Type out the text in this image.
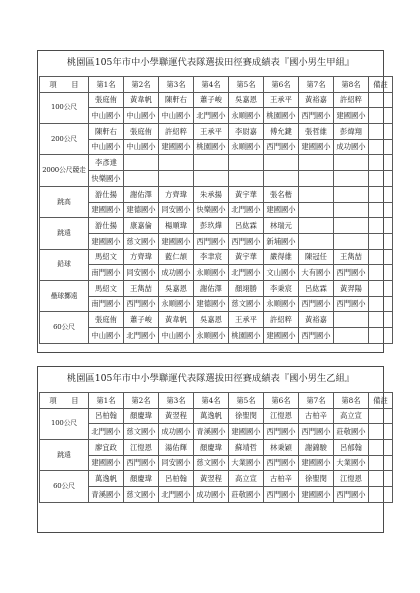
桃園區105年市中小學聯運代表隊選拔田徑賽成績表『國小男生甲組』
項　　目	第1名	第2名	第3名	第4名	第5名	第6名	第7名	第8名	備註
100公尺	張庭侑	黃韋帆	陳軒右	蕭子峻	吳嘉恩	王承平	黃裕嘉	許紹粹	
	中山國小	中山國小	中山國小	北門國小	永順國小	桃園國小	西門國小	建國國小	
200公尺	陳軒右	張庭侑	許紹粹	王承平	李尉嘉	傅允鍵	張哲維	彭煒翔	
	中山國小	中山國小	建國國小	桃園國小	永順國小	西門國小	建國國小	成功國小	
2000公尺競走	李彥達								
	快樂國小								
跳高	游仕揚	謝佑澤	方齊瑋	朱承揚	黃宇華	張名楷			
	建國國小	建德國小	同安國小	快樂國小	北門國小	建國國小			
跳遠	游仕揚	康嘉倫	楊順瑋	彭玖燁	呂紘霖	林瑞元			
	建國國小	慈文國小	建國國小	西門國小	西門國小	新埔國小			
鉛球	馬紹文	方齊瑋	藍仁頡	李聿宸	黃宇華	嚴得維	陳冠任	王雋喆	
	南門國小	同安國小	成功國小	永順國小	北門國小	文山國小	大有國小	西門國小	
壘球擲遠	馬紹文	王雋喆	吳嘉恩	謝佑澤	顏翊勝	李秉宸	呂紘霖	黃羿陽	
	南門國小	西門國小	永順國小	建德國小	慈文國小	永順國小	西門國小	西門國小	
60公尺	張庭侑	蕭子峻	黃韋帆	吳嘉恩	王承平	許紹粹	黃裕嘉		
	中山國小	北門國小	中山國小	永順國小	桃園國小	建國國小	西門國小		
桃園區105年市中小學聯運代表隊選拔田徑賽成績表『國小男生乙組』
項　　目	第1名	第2名	第3名	第4名	第5名	第6名	第7名	第8名	備註
100公尺	呂柏翰	顏慶瑋	黃翌程	萬逸帆	徐聖閔	江愷恩	古柏辛	高立宣	
	北門國小	慈文國小	成功國小	青溪國小	建國國小	西門國小	西門國小	莊敬國小	
跳遠	廖宜政	江愷恩	湯佑輝	顏慶瑋	蘇靖哲	林秉穎	謝錦駿	呂郁翰	
	建國國小	西門國小	同安國小	慈文國小	大業國小	西門國小	建國國小	大業國小	
60公尺	萬逸帆	顏慶瑋	呂柏翰	黃翌程	高立宣	古柏辛	徐聖閔	江愷恩	
	青溪國小	慈文國小	北門國小	成功國小	莊敬國小	西門國小	建國國小	西門國小	
